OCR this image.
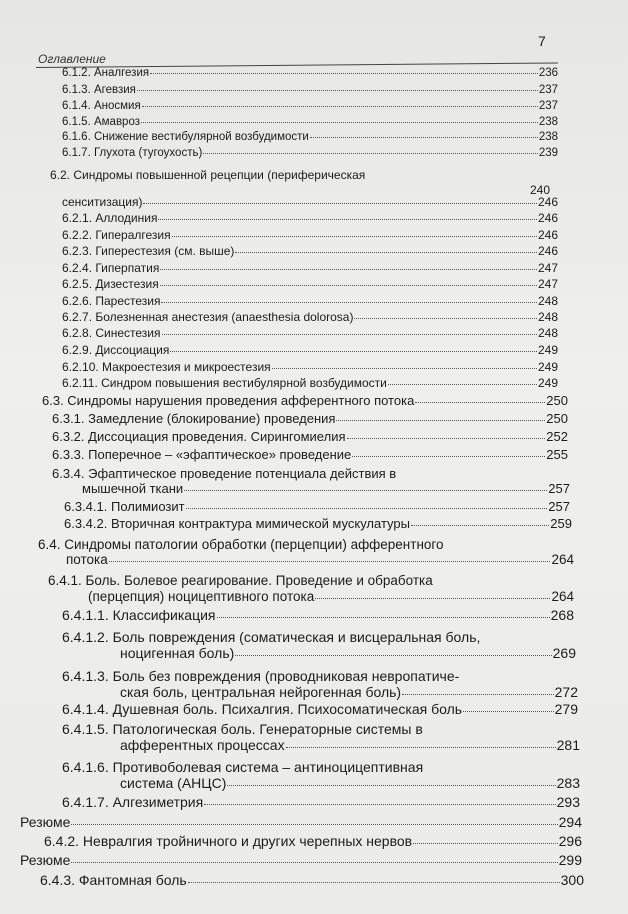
7
Оглавление
6.1.2. Аналгезия	236
6.1.3. Агевзия	237
6.1.4. Аносмия	237
6.1.5. Амавроз	238
6.1.6. Снижение вестибулярной возбудимости	238
6.1.7. Глухота (тугоухость)	239
6.2. Синдромы повышенной рецепции (периферическая
240
сенситизация)	246
6.2.1. Аллодиния	246
6.2.2. Гипералгезия	246
6.2.3. Гиперестезия (см. выше)	246
6.2.4. Гиперпатия	247
6.2.5. Дизестезия	247
6.2.6. Парестезия	248
6.2.7. Болезненная анестезия (anaesthesia dolorosa)	248
6.2.8. Синестезия	248
6.2.9. Диссоциация	249
6.2.10. Макроестезия и микроестезия	249
6.2.11. Синдром повышения вестибулярной возбудимости	249
6.3. Синдромы нарушения проведения афферентного потока	250
6.3.1. Замедление (блокирование) проведения	250
6.3.2. Диссоциация проведения. Сирингомиелия	252
6.3.3. Поперечное – «эфаптическое» проведение	255
6.3.4. Эфаптическое проведение потенциала действия в
мышечной ткани	257
6.3.4.1. Полимиозит	257
6.3.4.2. Вторичная контрактура мимической мускулатуры	259
6.4. Синдромы патологии обработки (перцепции) афферентного
потока	264
6.4.1. Боль. Болевое реагирование. Проведение и обработка
(перцепция) ноцицептивного потока	264
6.4.1.1. Классификация	268
6.4.1.2. Боль повреждения (соматическая и висцеральная боль,
ноцигенная боль)	269
6.4.1.3. Боль без повреждения (проводниковая невропатиче-
ская боль, центральная нейрогенная боль)	272
6.4.1.4. Душевная боль. Психалгия. Психосоматическая боль	279
6.4.1.5. Патологическая боль. Генераторные системы в
афферентных процессах	281
6.4.1.6. Противоболевая система – антиноцицептивная
система (АНЦС)	283
6.4.1.7. Алгезиметрия	293
Резюме	294
6.4.2. Невралгия тройничного и других черепных нервов	296
Резюме	299
6.4.3. Фантомная боль	300
